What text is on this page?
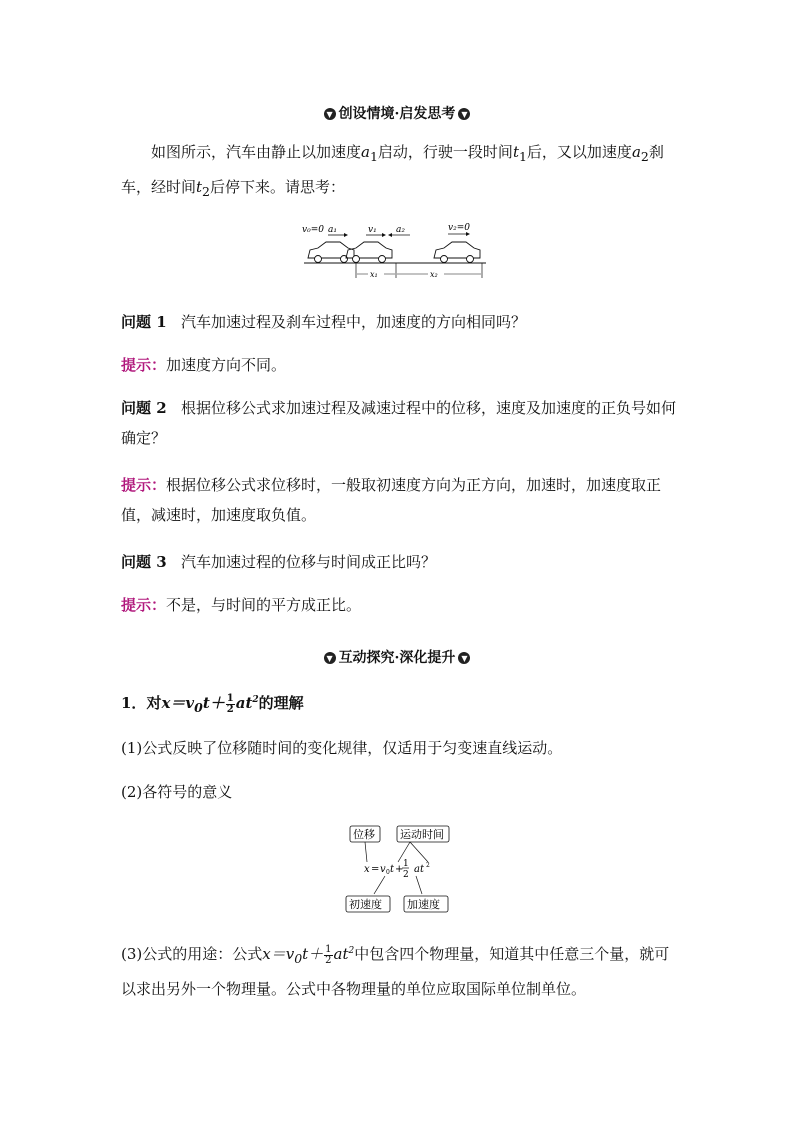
▼ 创设情境·启发思考 ▼
如图所示，汽车由静止以加速度$a_1$启动，行驶一段时间$t_1$后，又以加速度$a_2$刹车，经时间$t_2$后停下来。请思考：
v₀=0 a₁	v₁ a₂	v₂=0
x₁	x₂
问题 1 汽车加速过程及刹车过程中，加速度的方向相同吗？
提示：加速度方向不同。
问题 2 根据位移公式求加速过程及减速过程中的位移，速度及加速度的正负号如何确定？
提示：根据位移公式求位移时，一般取初速度方向为正方向，加速时，加速度取正值，减速时，加速度取负值。
问题 3 汽车加速过程的位移与时间成正比吗？
提示：不是，与时间的平方成正比。
▼ 互动探究·深化提升 ▼
1．对$x=v_0t+ \frac{1}{2} at^2$的理解
(1)公式反映了位移随时间的变化规律，仅适用于匀变速直线运动。
(2)各符号的意义
位移 运动时间
x = v 0 t + 1
2 at 2
初速度 加速度
(3)公式的用途：公式$x=v_0t+ \frac{1}{2} at^2$中包含四个物理量，知道其中任意三个量，就可以求出另外一个物理量。公式中各物理量的单位应取国际单位制单位。
